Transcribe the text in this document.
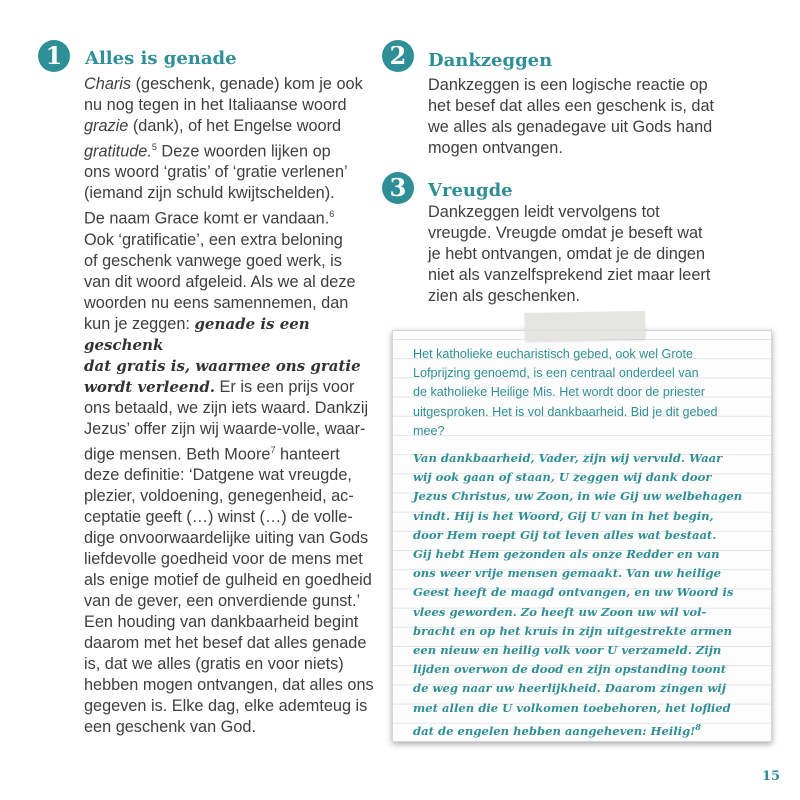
1	Alles is genade

Charis (geschenk, genade) kom je ook

nu nog tegen in het Italiaanse woord

grazie (dank), of het Engelse woord

gratitude.$^5$ Deze woorden lijken op

ons woord ‘gratis’ of ‘gratie verlenen’

(iemand zijn schuld kwijtschelden).

De naam Grace komt er vandaan.$^6$

Ook ‘gratificatie’, een extra beloning

of geschenk vanwege goed werk, is

van dit woord afgeleid. Als we al deze

woorden nu eens samennemen, dan

kun je zeggen: genade is een geschenk

dat gratis is, waarmee ons gratie

wordt verleend. Er is een prijs voor

ons betaald, we zijn iets waard. Dankzij

Jezus’ offer zijn wij waarde-volle, waar-

dige mensen. Beth Moore$^7$ hanteert

deze definitie: ‘Datgene wat vreugde,

plezier, voldoening, genegenheid, ac-

ceptatie geeft (…) winst (…) de volle-

dige onvoorwaardelijke uiting van Gods

liefdevolle goedheid voor de mens met

als enige motief de gulheid en goedheid

van de gever, een onverdiende gunst.’

Een houding van dankbaarheid begint

daarom met het besef dat alles genade

is, dat we alles (gratis en voor niets)

hebben mogen ontvangen, dat alles ons

gegeven is. Elke dag, elke ademteug is

een geschenk van God.

2	Dankzeggen
Dankzeggen is een logische reactie op
het besef dat alles een geschenk is, dat
we alles als genadegave uit Gods hand
mogen ontvangen.
3	Vreugde
Dankzeggen leidt vervolgens tot
vreugde. Vreugde omdat je beseft wat
je hebt ontvangen, omdat je de dingen
niet als vanzelfsprekend ziet maar leert
zien als geschenken.
Het katholieke eucharistisch gebed, ook wel Grote
Lofprijzing genoemd, is een centraal onderdeel van
de katholieke Heilige Mis. Het wordt door de priester
uitgesproken. Het is vol dankbaarheid. Bid je dit gebed
mee?
Van dankbaarheid, Vader, zijn wij vervuld. Waar
wij ook gaan of staan, U zeggen wij dank door
Jezus Christus, uw Zoon, in wie Gij uw welbehagen
vindt. Hij is het Woord, Gij U van in het begin,
door Hem roept Gij tot leven alles wat bestaat.
Gij hebt Hem gezonden als onze Redder en van
ons weer vrije mensen gemaakt. Van uw heilige
Geest heeft de maagd ontvangen, en uw Woord is
vlees geworden. Zo heeft uw Zoon uw wil vol-
bracht en op het kruis in zijn uitgestrekte armen
een nieuw en heilig volk voor U verzameld. Zijn
lijden overwon de dood en zijn opstanding toont
de weg naar uw heerlijkheid. Daarom zingen wij
met allen die U volkomen toebehoren, het loflied
dat de engelen hebben aangeheven: Heilig!$^8$
15
